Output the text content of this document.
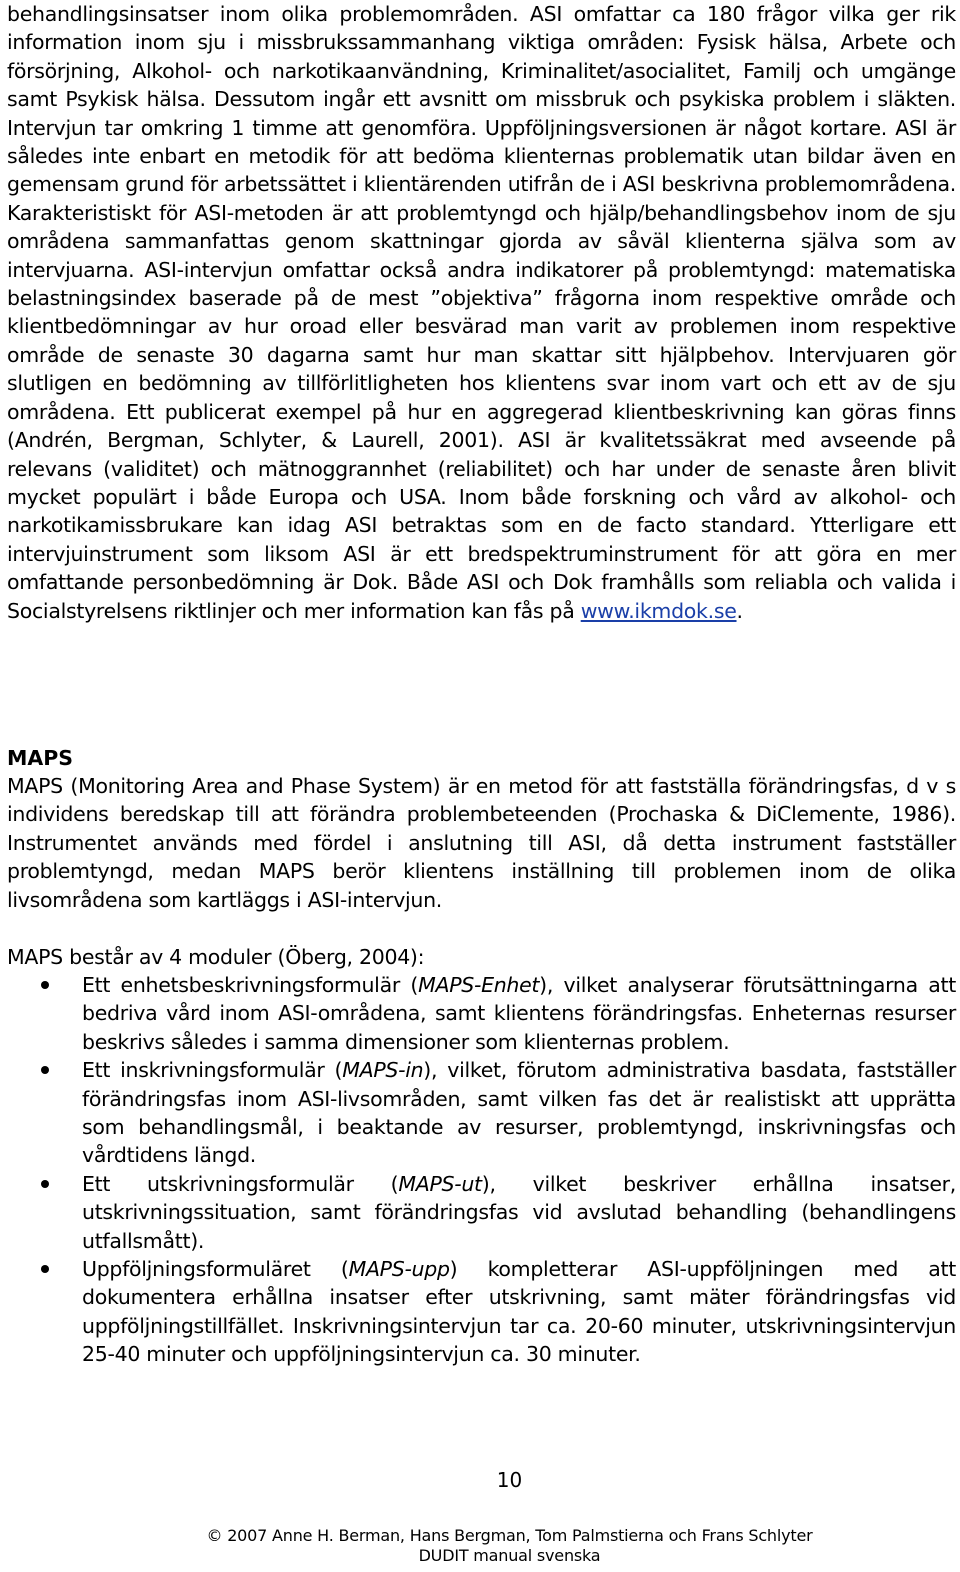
behandlingsinsatser inom olika problemområden. ASI omfattar ca 180 frågor vilka ger rik information inom sju i missbrukssammanhang viktiga områden: Fysisk hälsa, Arbete och försörjning, Alkohol- och narkotikaanvändning, Kriminalitet/asocialitet, Familj och umgänge samt Psykisk hälsa. Dessutom ingår ett avsnitt om missbruk och psykiska problem i släkten. Intervjun tar omkring 1 timme att genomföra. Uppföljningsversionen är något kortare. ASI är således inte enbart en metodik för att bedöma klienternas problematik utan bildar även en gemensam grund för arbetssättet i klientärenden utifrån de i ASI beskrivna problemområdena. Karakteristiskt för ASI-metoden är att problemtyngd och hjälp/behandlingsbehov inom de sju områdena sammanfattas genom skattningar gjorda av såväl klienterna själva som av intervjuarna. ASI-intervjun omfattar också andra indikatorer på problemtyngd: matematiska belastningsindex baserade på de mest ”objektiva” frågorna inom respektive område och klientbedömningar av hur oroad eller besvärad man varit av problemen inom respektive område de senaste 30 dagarna samt hur man skattar sitt hjälpbehov. Intervjuaren gör slutligen en bedömning av tillförlitligheten hos klientens svar inom vart och ett av de sju områdena. Ett publicerat exempel på hur en aggregerad klientbeskrivning kan göras finns (Andrén, Bergman, Schlyter, & Laurell, 2001). ASI är kvalitetssäkrat med avseende på relevans (validitet) och mätnoggrannhet (reliabilitet) och har under de senaste åren blivit mycket populärt i både Europa och USA. Inom både forskning och vård av alkohol- och narkotikamissbrukare kan idag ASI betraktas som en de facto standard. Ytterligare ett intervjuinstrument som liksom ASI är ett bredspektruminstrument för att göra en mer omfattande personbedömning är Dok. Både ASI och Dok framhålls som reliabla och valida i Socialstyrelsens riktlinjer och mer information kan fås på www.ikmdok.se.

MAPS

MAPS (Monitoring Area and Phase System) är en metod för att fastställa förändringsfas, d v s individens beredskap till att förändra problembeteenden (Prochaska & DiClemente, 1986). Instrumentet används med fördel i anslutning till ASI, då detta instrument fastställer problemtyngd, medan MAPS berör klientens inställning till problemen inom de olika livsområdena som kartläggs i ASI-intervjun.

MAPS består av 4 moduler (Öberg, 2004):

Ett enhetsbeskrivningsformulär (MAPS-Enhet), vilket analyserar förutsättningarna att bedriva vård inom ASI-områdena, samt klientens förändringsfas. Enheternas resurser beskrivs således i samma dimensioner som klienternas problem.
Ett inskrivningsformulär (MAPS-in), vilket, förutom administrativa basdata, fastställer förändringsfas inom ASI-livsområden, samt vilken fas det är realistiskt att upprätta som behandlingsmål, i beaktande av resurser, problemtyngd, inskrivningsfas och vårdtidens längd.
Ett utskrivningsformulär (MAPS-ut), vilket beskriver erhållna insatser, utskrivningssituation, samt förändringsfas vid avslutad behandling (behandlingens utfallsmått).
Uppföljningsformuläret (MAPS-upp) kompletterar ASI-uppföljningen med att dokumentera erhållna insatser efter utskrivning, samt mäter förändringsfas vid uppföljningstillfället. Inskrivningsintervjun tar ca. 20-60 minuter, utskrivningsintervjun 25-40 minuter och uppföljningsintervjun ca. 30 minuter.
10
© 2007 Anne H. Berman, Hans Bergman, Tom Palmstierna och Frans Schlyter
DUDIT manual svenska
